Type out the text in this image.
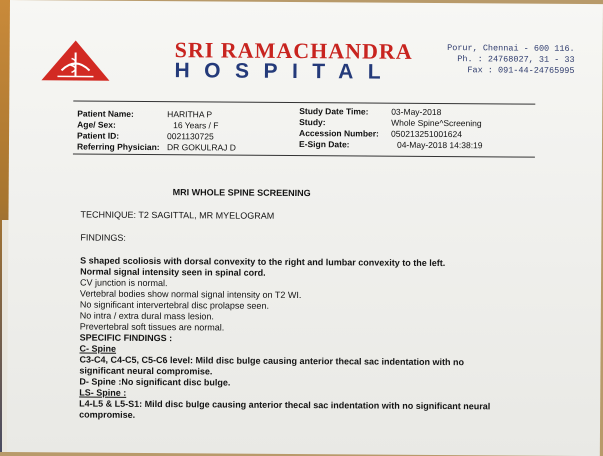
SRI RAMACHANDRA
HOSPITAL
Porur, Chennai - 600 116.
Ph. : 24768027, 31 - 33
Fax : 091-44-24765995
Patient Name:
Age/ Sex:
Patient ID:
Referring Physician:
HARITHA P
16 Years / F
0021130725
DR GOKULRAJ D
Study Date Time:
Study:
Accession Number:
E-Sign Date:
03-May-2018
Whole Spine^Screening
050213251001624
04-May-2018 14:38:19
MRI WHOLE SPINE SCREENING
TECHNIQUE: T2 SAGITTAL, MR MYELOGRAM
FINDINGS:
S shaped scoliosis with dorsal convexity to the right and lumbar convexity to the left.
Normal signal intensity seen in spinal cord.
CV junction is normal.
Vertebral bodies show normal signal intensity on T2 WI.
No significant intervertebral disc prolapse seen.
No intra / extra dural mass lesion.
Prevertebral soft tissues are normal.
SPECIFIC FINDINGS :
C- Spine
C3-C4, C4-C5, C5-C6 level: Mild disc bulge causing anterior thecal sac indentation with no
significant neural compromise.
D- Spine :No significant disc bulge.
LS- Spine :
L4-L5 & L5-S1: Mild disc bulge causing anterior thecal sac indentation with no significant neural
compromise.
